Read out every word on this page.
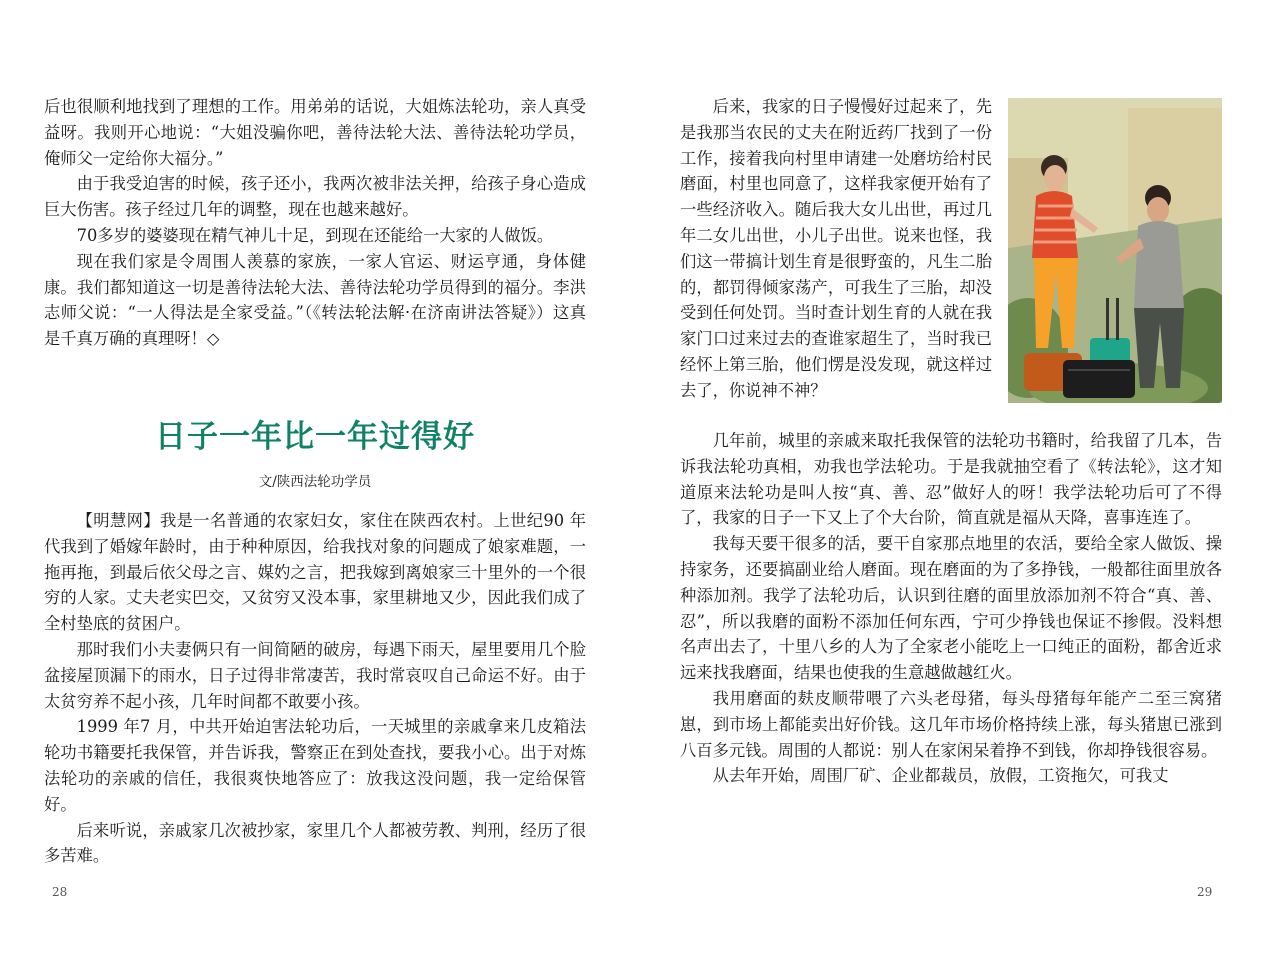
后也很顺利地找到了理想的工作。用弟弟的话说，大姐炼法轮功，亲人真受益呀。我则开心地说：“大姐没骗你吧，善待法轮大法、善待法轮功学员，俺师父一定给你大福分。”

由于我受迫害的时候，孩子还小，我两次被非法关押，给孩子身心造成巨大伤害。孩子经过几年的调整，现在也越来越好。

70多岁的婆婆现在精气神儿十足，到现在还能给一大家的人做饭。

现在我们家是令周围人羡慕的家族，一家人官运、财运亨通，身体健康。我们都知道这一切是善待法轮大法、善待法轮功学员得到的福分。李洪志师父说：“一人得法是全家受益。”（《转法轮法解·在济南讲法答疑》）这真是千真万确的真理呀！◇

日子一年比一年过得好
文/陕西法轮功学员

【明慧网】我是一名普通的农家妇女，家住在陕西农村。上世纪90 年代我到了婚嫁年龄时，由于种种原因，给我找对象的问题成了娘家难题，一拖再拖，到最后依父母之言、媒妁之言，把我嫁到离娘家三十里外的一个很穷的人家。丈夫老实巴交，又贫穷又没本事，家里耕地又少，因此我们成了全村垫底的贫困户。

那时我们小夫妻俩只有一间简陋的破房，每遇下雨天，屋里要用几个脸盆接屋顶漏下的雨水，日子过得非常凄苦，我时常哀叹自己命运不好。由于太贫穷养不起小孩，几年时间都不敢要小孩。

1999 年7 月，中共开始迫害法轮功后，一天城里的亲戚拿来几皮箱法轮功书籍要托我保管，并告诉我，警察正在到处查找，要我小心。出于对炼法轮功的亲戚的信任，我很爽快地答应了：放我这没问题，我一定给保管好。

后来听说，亲戚家几次被抄家，家里几个人都被劳教、判刑，经历了很多苦难。

28

后来，我家的日子慢慢好过起来了，先是我那当农民的丈夫在附近药厂找到了一份工作，接着我向村里申请建一处磨坊给村民磨面，村里也同意了，这样我家便开始有了一些经济收入。随后我大女儿出世，再过几年二女儿出世，小儿子出世。说来也怪，我们这一带搞计划生育是很野蛮的，凡生二胎的，都罚得倾家荡产，可我生了三胎，却没受到任何处罚。当时查计划生育的人就在我家门口过来过去的查谁家超生了，当时我已经怀上第三胎，他们愣是没发现，就这样过去了，你说神不神？

几年前，城里的亲戚来取托我保管的法轮功书籍时，给我留了几本，告诉我法轮功真相，劝我也学法轮功。于是我就抽空看了《转法轮》，这才知道原来法轮功是叫人按“真、善、忍”做好人的呀！我学法轮功后可了不得了，我家的日子一下又上了个大台阶，简直就是福从天降，喜事连连了。

我每天要干很多的活，要干自家那点地里的农活，要给全家人做饭、操持家务，还要搞副业给人磨面。现在磨面的为了多挣钱，一般都往面里放各种添加剂。我学了法轮功后，认识到往磨的面里放添加剂不符合“真、善、忍”，所以我磨的面粉不添加任何东西，宁可少挣钱也保证不掺假。没料想名声出去了，十里八乡的人为了全家老小能吃上一口纯正的面粉，都舍近求远来找我磨面，结果也使我的生意越做越红火。

我用磨面的麸皮顺带喂了六头老母猪，每头母猪每年能产二至三窝猪崽，到市场上都能卖出好价钱。这几年市场价格持续上涨，每头猪崽已涨到八百多元钱。周围的人都说：别人在家闲呆着挣不到钱，你却挣钱很容易。

从去年开始，周围厂矿、企业都裁员，放假，工资拖欠，可我丈

29
